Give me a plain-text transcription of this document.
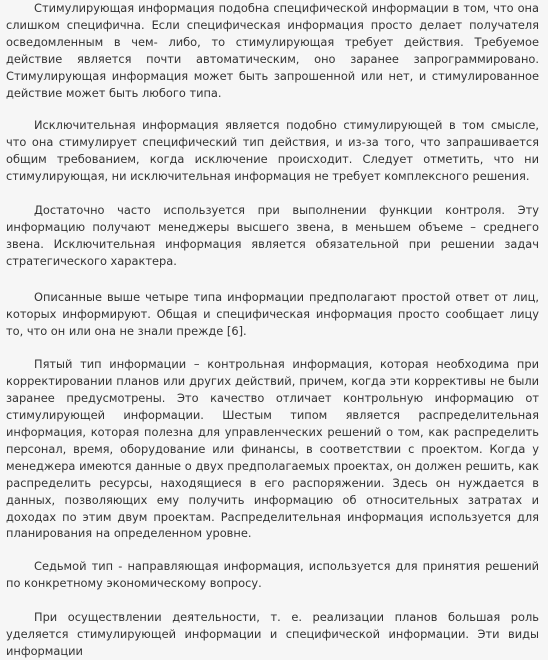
Стимулирующая информация подобна специфической информации в том, что она слишком специфична. Если специфическая информация просто делает получателя осведомленным в чем- либо, то стимулирующая требует действия. Требуемое действие является почти автоматическим, оно заранее запрограммировано. Стимулирующая информация может быть запрошенной или нет, и стимулированное действие может быть любого типа.

Исключительная информация является подобно стимулирующей в том смысле, что она стимулирует специфический тип действия, и из-за того, что запрашивается общим требованием, когда исключение происходит. Следует отметить, что ни стимулирующая, ни исключительная информация не требует комплексного решения.

Достаточно часто используется при выполнении функции контроля. Эту информацию получают менеджеры высшего звена, в меньшем объеме – среднего звена. Исключительная информация является обязательной при решении задач стратегического характера.

Описанные выше четыре типа информации предполагают простой ответ от лиц, которых информируют. Общая и специфическая информация просто сообщает лицу то, что он или она не знали прежде [6].

Пятый тип информации – контрольная информация, которая необходима при корректировании планов или других действий, причем, когда эти коррективы не были заранее предусмотрены. Это качество отличает контрольную информацию от стимулирующей информации. Шестым типом является распределительная информация, которая полезна для управленческих решений о том, как распределить персонал, время, оборудование или финансы, в соответствии с проектом. Когда у менеджера имеются данные о двух предполагаемых проектах, он должен решить, как распределить ресурсы, находящиеся в его распоряжении. Здесь он нуждается в данных, позволяющих ему получить информацию об относительных затратах и доходах по этим двум проектам. Распределительная информация используется для планирования на определенном уровне.

Седьмой тип - направляющая информация, используется для принятия решений по конкретному экономическому вопросу.

При осуществлении деятельности, т. е. реализации планов большая роль уделяется стимулирующей информации и специфической информации. Эти виды информации
